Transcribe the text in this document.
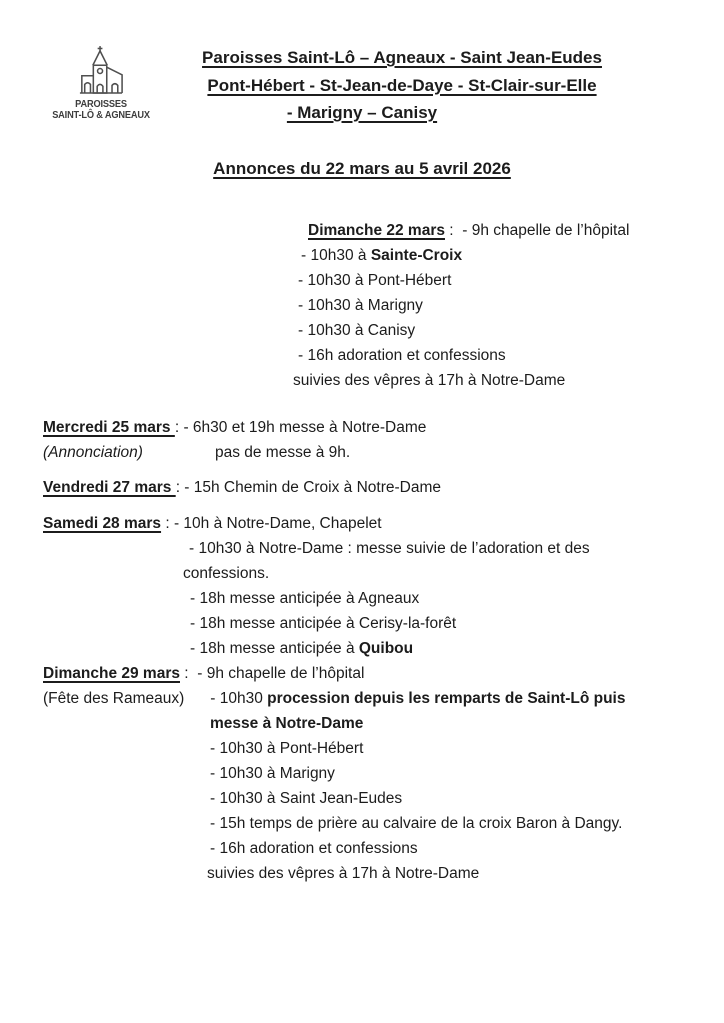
PAROISSES
SAINT-LÔ & AGNEAUX
Paroisses Saint-Lô – Agneaux - Saint Jean-Eudes
Pont-Hébert - St-Jean-de-Daye - St-Clair-sur-Elle
- Marigny – Canisy
Annonces du 22 mars au 5 avril 2026
Dimanche 22 mars :  - 9h chapelle de l’hôpital
- 10h30 à Sainte-Croix
- 10h30 à Pont-Hébert
- 10h30 à Marigny
- 10h30 à Canisy
- 16h adoration et confessions
suivies des vêpres à 17h à Notre-Dame
Mercredi 25 mars : - 6h30 et 19h messe à Notre-Dame
(Annonciation)	pas de messe à 9h.
Vendredi 27 mars : - 15h Chemin de Croix à Notre-Dame
Samedi 28 mars : - 10h à Notre-Dame, Chapelet
- 10h30 à Notre-Dame : messe suivie de l’adoration et des
confessions.
- 18h messe anticipée à Agneaux
- 18h messe anticipée à Cerisy-la-forêt
- 18h messe anticipée à Quibou
Dimanche 29 mars :  - 9h chapelle de l’hôpital
(Fête des Rameaux) - 10h30 procession depuis les remparts de Saint-Lô puis
messe à Notre-Dame
- 10h30 à Pont-Hébert
- 10h30 à Marigny
- 10h30 à Saint Jean-Eudes
- 15h temps de prière au calvaire de la croix Baron à Dangy.
- 16h adoration et confessions
suivies des vêpres à 17h à Notre-Dame
